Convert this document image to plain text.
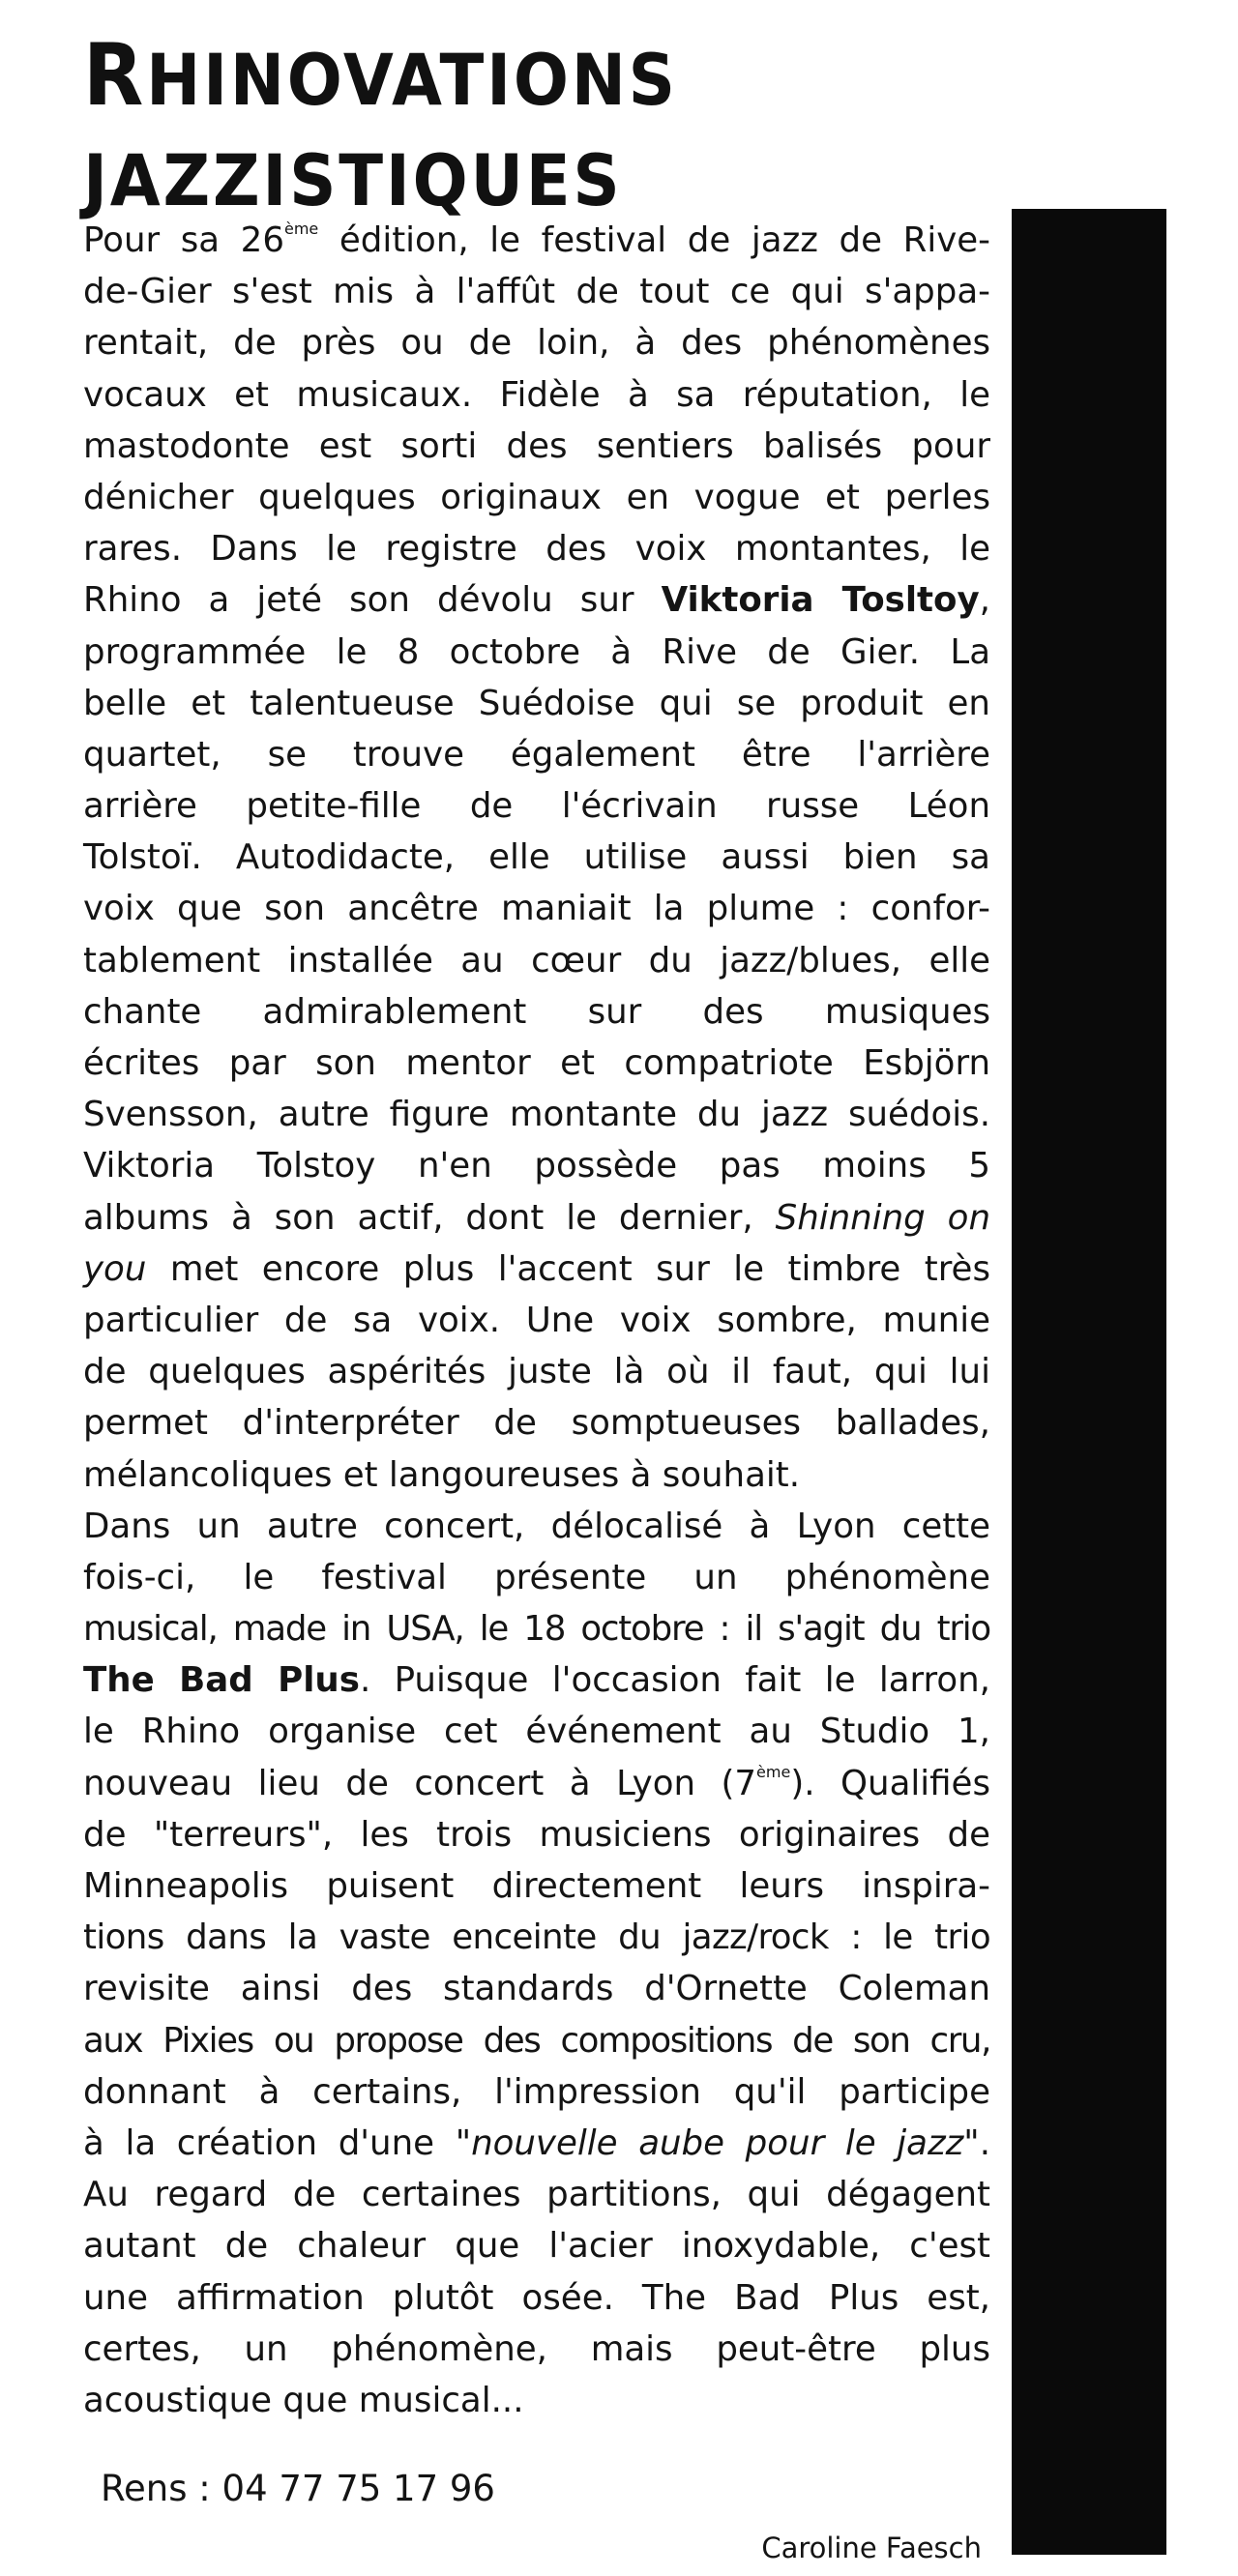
RHINOVATIONS
JAZZISTIQUES
Pour sa 26ème édition, le festival de jazz de Rive-
de-Gier s'est mis à l'affût de tout ce qui s'appa-
rentait, de près ou de loin, à des phénomènes
vocaux et musicaux. Fidèle à sa réputation, le
mastodonte est sorti des sentiers balisés pour
dénicher quelques originaux en vogue et perles
rares. Dans le registre des voix montantes, le
Rhino a jeté son dévolu sur Viktoria Tosltoy,
programmée le 8 octobre à Rive de Gier. La
belle et talentueuse Suédoise qui se produit en
quartet, se trouve également être l'arrière
arrière petite-fille de l'écrivain russe Léon
Tolstoï. Autodidacte, elle utilise aussi bien sa
voix que son ancêtre maniait la plume : confor-
tablement installée au cœur du jazz/blues, elle
chante admirablement sur des musiques
écrites par son mentor et compatriote Esbjörn
Svensson, autre figure montante du jazz suédois.
Viktoria Tolstoy n'en possède pas moins 5
albums à son actif, dont le dernier, Shinning on
you met encore plus l'accent sur le timbre très
particulier de sa voix. Une voix sombre, munie
de quelques aspérités juste là où il faut, qui lui
permet d'interpréter de somptueuses ballades,
mélancoliques et langoureuses à souhait.
Dans un autre concert, délocalisé à Lyon cette
fois-ci, le festival présente un phénomène
musical, made in USA, le 18 octobre : il s'agit du trio
The Bad Plus. Puisque l'occasion fait le larron,
le Rhino organise cet événement au Studio 1,
nouveau lieu de concert à Lyon (7ème). Qualifiés
de "terreurs", les trois musiciens originaires de
Minneapolis puisent directement leurs inspira-
tions dans la vaste enceinte du jazz/rock : le trio
revisite ainsi des standards d'Ornette Coleman
aux Pixies ou propose des compositions de son cru,
donnant à certains, l'impression qu'il participe
à la création d'une "nouvelle aube pour le jazz".
Au regard de certaines partitions, qui dégagent
autant de chaleur que l'acier inoxydable, c'est
une affirmation plutôt osée. The Bad Plus est,
certes, un phénomène, mais peut-être plus
acoustique que musical...
Rens : 04 77 75 17 96
Caroline Faesch
